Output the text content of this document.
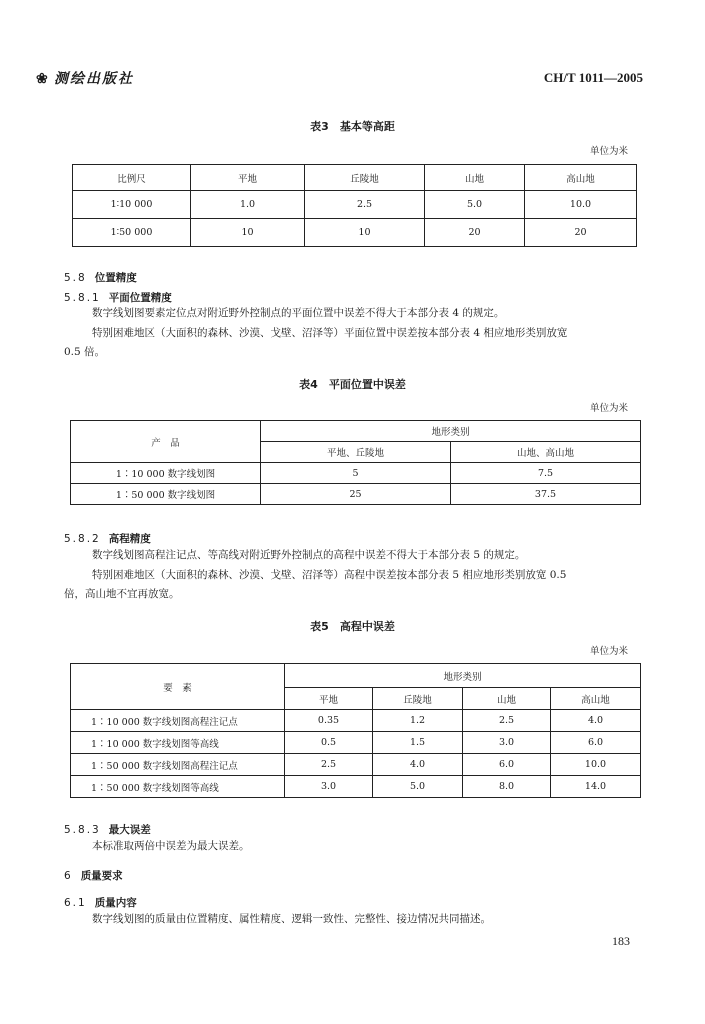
❀ 测绘出版社	CH/T 1011—2005
表3　基本等高距
单位为米
比例尺	平地	丘陵地	山地	高山地
1∶10 000	1.0	2.5	5.0	10.0
1∶50 000	10	10	20	20
5.8 位置精度
5.8.1 平面位置精度
数字线划图要素定位点对附近野外控制点的平面位置中误差不得大于本部分表 4 的规定。
特别困难地区（大面积的森林、沙漠、戈壁、沼泽等）平面位置中误差按本部分表 4 相应地形类别放宽
0.5 倍。
表4　平面位置中误差
单位为米
产　品	地形类别	
	平地、丘陵地	山地、高山地
1∶10 000 数字线划图	5	7.5
1∶50 000 数字线划图	25	37.5
5.8.2 高程精度
数字线划图高程注记点、等高线对附近野外控制点的高程中误差不得大于本部分表 5 的规定。
特别困难地区（大面积的森林、沙漠、戈壁、沼泽等）高程中误差按本部分表 5 相应地形类别放宽 0.5
倍，高山地不宜再放宽。
表5　高程中误差
单位为米
要　素	地形类别			
	平地	丘陵地	山地	高山地
1∶10 000 数字线划图高程注记点	0.35	1.2	2.5	4.0
1∶10 000 数字线划图等高线	0.5	1.5	3.0	6.0
1∶50 000 数字线划图高程注记点	2.5	4.0	6.0	10.0
1∶50 000 数字线划图等高线	3.0	5.0	8.0	14.0
5.8.3 最大误差
本标准取两倍中误差为最大误差。
6 质量要求
6.1 质量内容
数字线划图的质量由位置精度、属性精度、逻辑一致性、完整性、接边情况共同描述。
183
